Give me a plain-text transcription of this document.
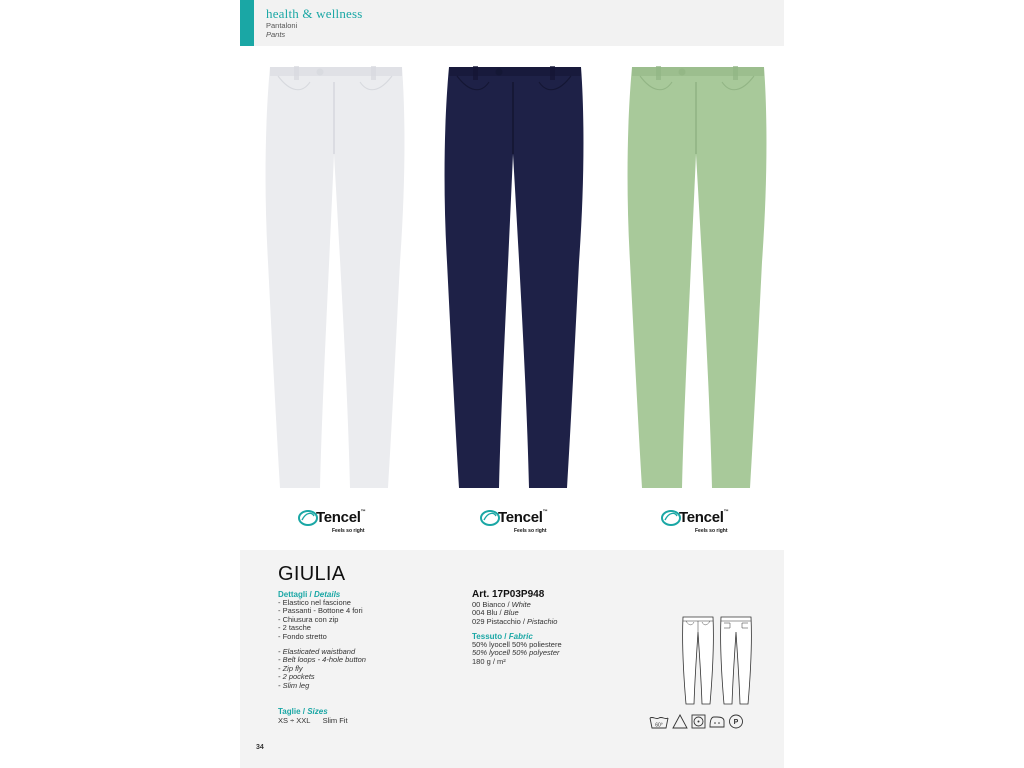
health & wellness
Pantaloni
Pants
Tencel™
Feels so right
Tencel™
Feels so right
Tencel™
Feels so right
GIULIA
Dettagli / Details
- Elastico nel fascione
- Passanti - Bottone 4 fori
- Chiusura con zip
- 2 tasche
- Fondo stretto
- Elasticated waistband
- Belt loops - 4-hole button
- Zip fly
- 2 pockets
- Slim leg
Taglie / Sizes
XS ÷ XXL Slim Fit
Art. 17P03P948
00 Bianco / White
004 Blu / Blue
029 Pistacchio / Pistachio
Tessuto / Fabric
50% lyocell 50% poliestere
50% lyocell 50% polyester
180 g / m²
60°	P
34
